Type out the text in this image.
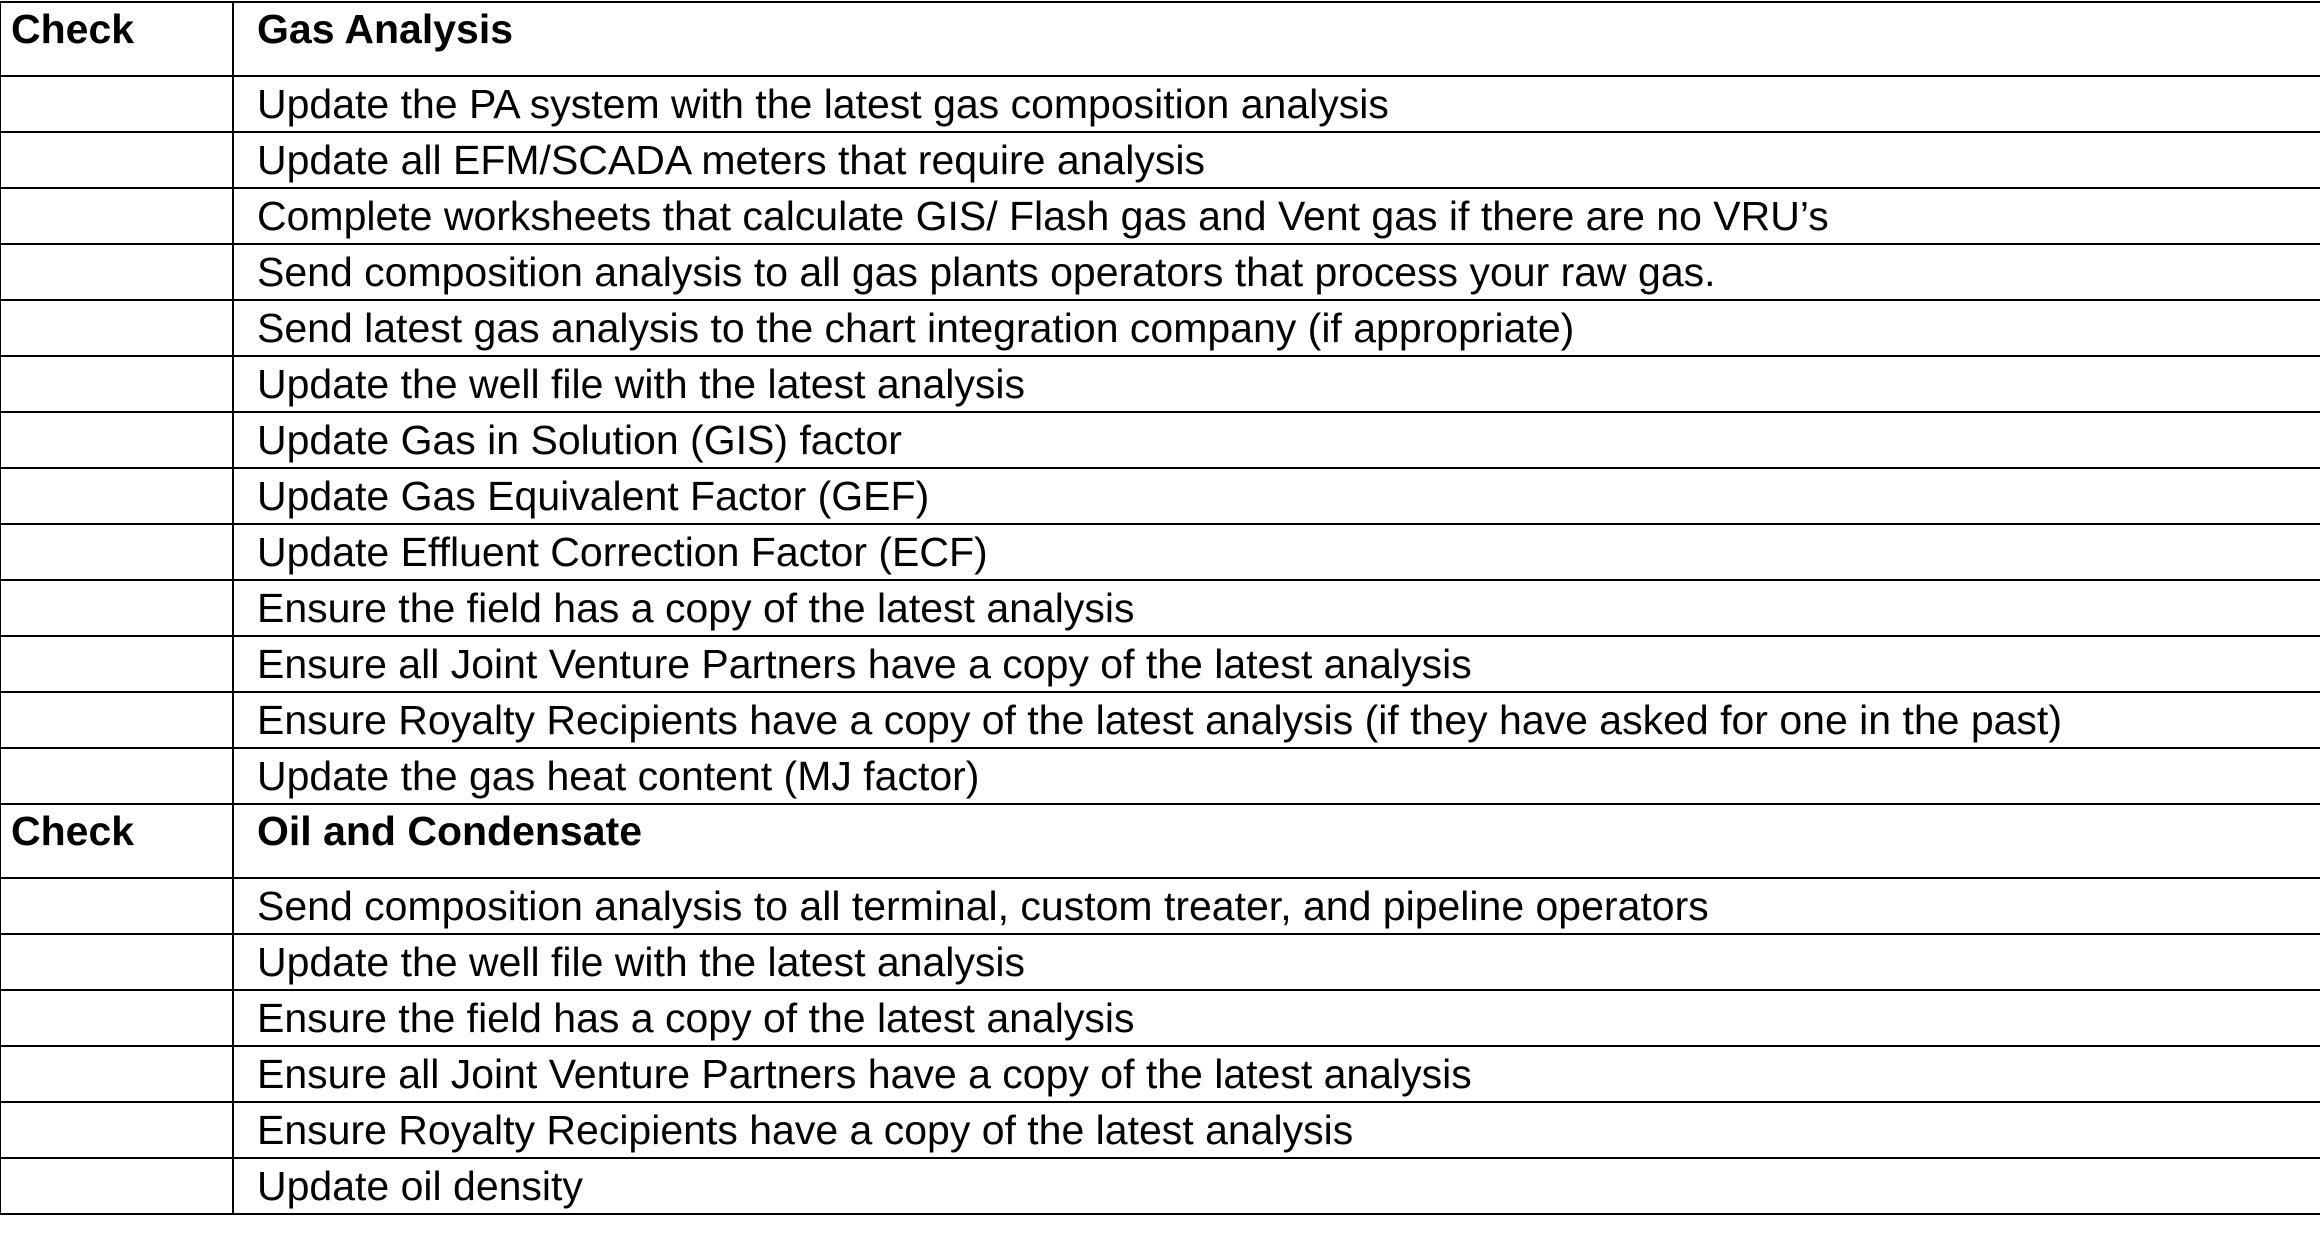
Check	Gas Analysis
	Update the PA system with the latest gas composition analysis
	Update all EFM/SCADA meters that require analysis
	Complete worksheets that calculate GIS/ Flash gas and Vent gas if there are no VRU’s
	Send composition analysis to all gas plants operators that process your raw gas.
	Send latest gas analysis to the chart integration company (if appropriate)
	Update the well file with the latest analysis
	Update Gas in Solution (GIS) factor
	Update Gas Equivalent Factor (GEF)
	Update Effluent Correction Factor (ECF)
	Ensure the field has a copy of the latest analysis
	Ensure all Joint Venture Partners have a copy of the latest analysis
	Ensure Royalty Recipients have a copy of the latest analysis (if they have asked for one in the past)
	Update the gas heat content (MJ factor)
Check	Oil and Condensate
	Send composition analysis to all terminal, custom treater, and pipeline operators
	Update the well file with the latest analysis
	Ensure the field has a copy of the latest analysis
	Ensure all Joint Venture Partners have a copy of the latest analysis
	Ensure Royalty Recipients have a copy of the latest analysis
	Update oil density
